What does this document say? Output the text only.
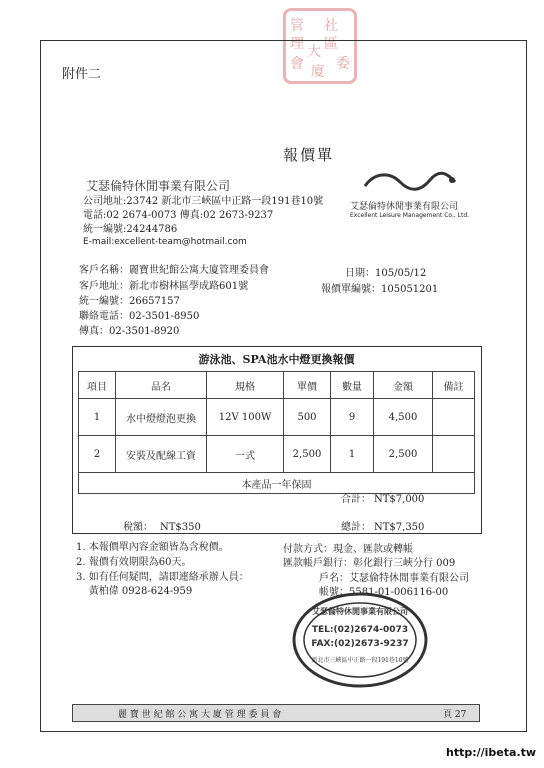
社
區
管
理
會
大
委
廈
附件二
報價單
艾瑟倫特休閒事業有限公司
公司地址:23742 新北市三峽區中正路一段191巷10號
電話:02 2674-0073 傳真:02 2673-9237
統一編號:24244786
E-mail:excellent-team@hotmail.com
艾瑟倫特休閒事業有限公司
Excellent Leisure Management Co., Ltd.
客戶名稱：麗寶世紀館公寓大廈管理委員會
客戶地址：新北市樹林區學成路601號
統一編號：26657157
聯絡電話：02-3501-8950
傳真：02-3501-8920
日期：105/05/12
報價單編號：105051201
游泳池、SPA池水中燈更換報價
項目	品名	規格	單價	數量	金額	備註
1	水中燈燈泡更換	12V 100W	500	9	4,500	
2	安裝及配線工資	一式	2,500	1	2,500	
本產品一年保固						
合計： NT$7,000
稅額： NT$350	總計： NT$7,350
1. 本報價單內容金額皆為含稅價。
2. 報價有效期限為60天。
3. 如有任何疑問，請即連絡承辦人員：
黃柏偉 0928-624-959
付款方式：現金、匯款或轉帳
匯款帳戶銀行：彰化銀行三峽分行 009
戶名：艾瑟倫特休閒事業有限公司
帳號：5581-01-006116-00
艾瑟倫特休閒事業有限公司
TEL:(02)2674-0073
FAX:(02)2673-9237
新北市三峽區中正路一段191巷10號
麗 寶 世 紀 館 公 寓 大 廈 管 理 委 員 會	頁 27
http://ibeta.tw
